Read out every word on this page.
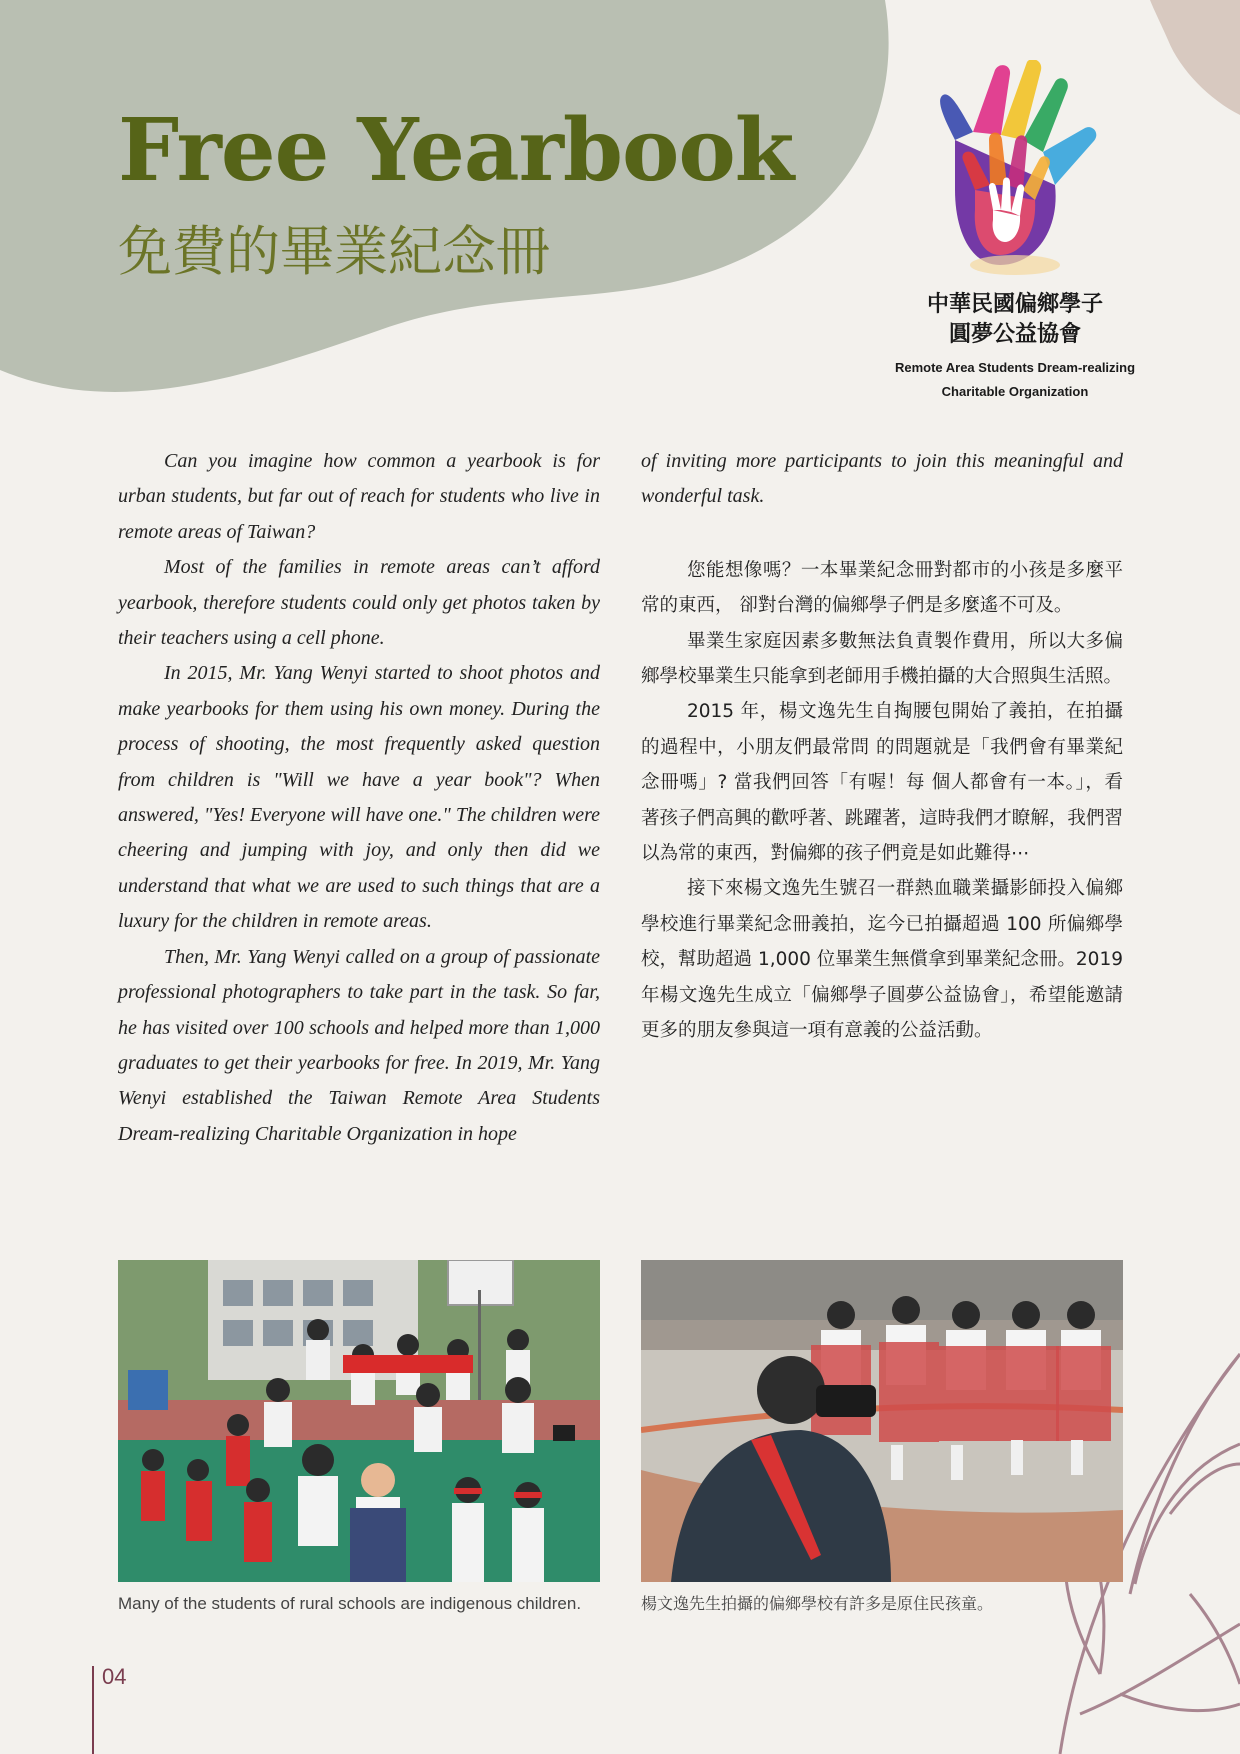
Free Yearbook
免費的畢業紀念冊
中華民國偏鄉學子
圓夢公益協會
Remote Area Students Dream-realizing
Charitable Organization

Can you imagine how common a yearbook is for urban students, but far out of reach for students who live in remote areas of Taiwan?

Most of the families in remote areas can’t afford yearbook, therefore students could only get photos taken by their teachers using a cell phone.

In 2015, Mr. Yang Wenyi started to shoot photos and make yearbooks for them using his own money. During the process of shooting, the most frequently asked question from children is "Will we have a year book"? When answered, "Yes! Everyone will have one." The children were cheering and jumping with joy, and only then did we understand that what we are used to such things that are a luxury for the children in remote areas.

Then, Mr. Yang Wenyi called on a group of passionate professional photographers to take part in the task. So far, he has visited over 100 schools and helped more than 1,000 graduates to get their yearbooks for free. In 2019, Mr. Yang Wenyi established the Taiwan Remote Area Students Dream-realizing Charitable Organization in hope

of inviting more participants to join this meaningful and wonderful task.

您能想像嗎？一本畢業紀念冊對都市的小孩是多麼平常的東西， 卻對台灣的偏鄉學子們是多麼遙不可及。

畢業生家庭因素多數無法負責製作費用，所以大多偏鄉學校畢業生只能拿到老師用手機拍攝的大合照與生活照。

2015 年，楊文逸先生自掏腰包開始了義拍，在拍攝的過程中，小朋友們最常問 的問題就是「我們會有畢業紀念冊嗎」? 當我們回答「有喔！每 個人都會有一本。」，看著孩子們高興的歡呼著、跳躍著，這時我們才瞭解，我們習以為常的東西，對偏鄉的孩子們竟是如此難得⋯

接下來楊文逸先生號召一群熱血職業攝影師投入偏鄉學校進行畢業紀念冊義拍，迄今已拍攝超過 100 所偏鄉學校，幫助超過 1,000 位畢業生無償拿到畢業紀念冊。2019 年楊文逸先生成立「偏鄉學子圓夢公益協會」，希望能邀請更多的朋友參與這一項有意義的公益活動。

Many of the students of rural schools are indigenous children.	楊文逸先生拍攝的偏鄉學校有許多是原住民孩童。

04
